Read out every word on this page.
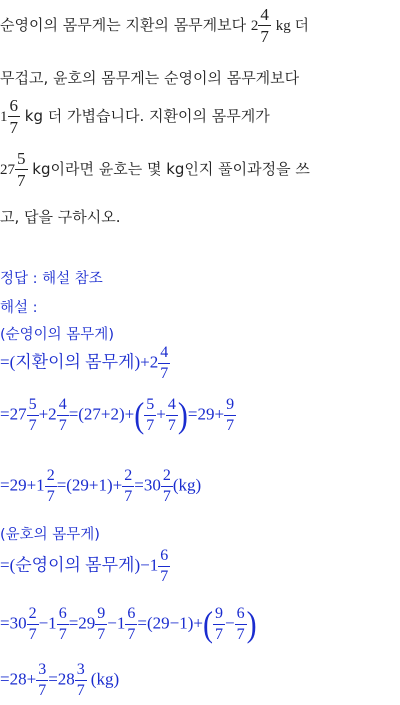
순영이의 몸무게는 지환의 몸무게보다 $2 \frac{4}{7}$ kg 더
무겁고, 윤호의 몸무게는 순영이의 몸무게보다
$1 \frac{6}{7}$ kg 더 가볍습니다. 지환이의 몸무게가
$27 \frac{5}{7}$ kg이라면 윤호는 몇 kg인지 풀이과정을 쓰
고, 답을 구하시오.
정답 : 해설 참조
해설 :
(순영이의 몸무게)
=(지환이의 몸무게)$+2 \frac{4}{7}$
$=27 \frac{5}{7} +2 \frac{4}{7} =(27+2)+( \frac{5}{7} + \frac{4}{7} )=29+ \frac{9}{7}$
$=29+1 \frac{2}{7} =(29+1)+ \frac{2}{7} =30 \frac{2}{7} (kg)$
(윤호의 몸무게)
=(순영이의 몸무게)$-1 \frac{6}{7}$
$=30 \frac{2}{7} -1 \frac{6}{7} =29 \frac{9}{7} -1 \frac{6}{7} =(29-1)+( \frac{9}{7} - \frac{6}{7}$ )
$=28+ \frac{3}{7} =28 \frac{3}{7} (kg)$
